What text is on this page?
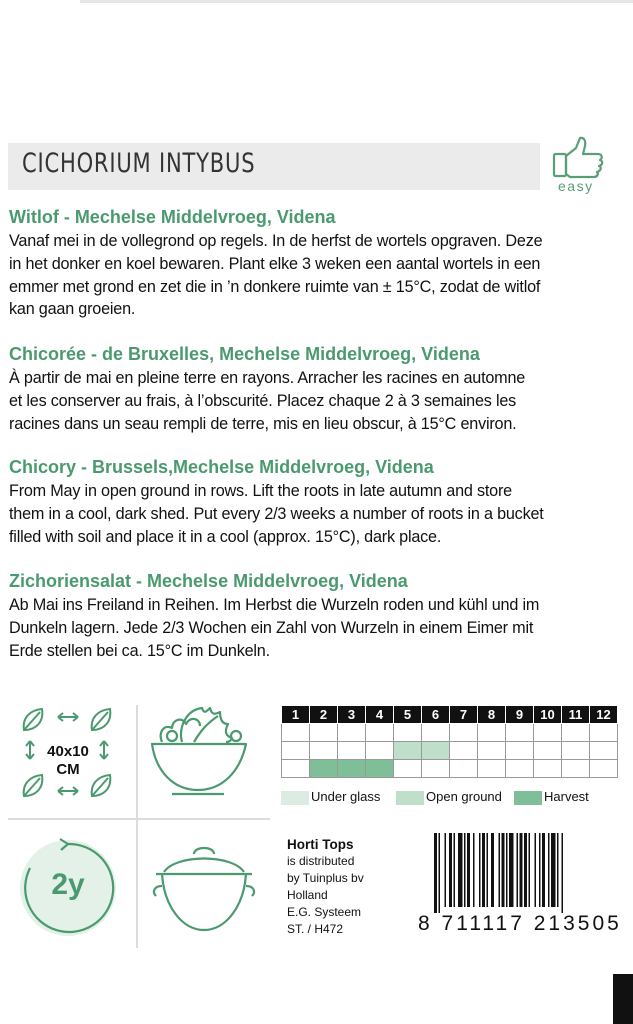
CICHORIUM INTYBUS
easy
Witlof - Mechelse Middelvroeg, Videna

Vanaf mei in de vollegrond op regels. In de herfst de wortels opgraven. Deze
in het donker en koel bewaren. Plant elke 3 weken een aantal wortels in een
emmer met grond en zet die in ’n donkere ruimte van ± 15°C, zodat de witlof
kan gaan groeien.

Chicorée - de Bruxelles, Mechelse Middelvroeg, Videna

À partir de mai en pleine terre en rayons. Arracher les racines en automne
et les conserver au frais, à l’obscurité. Placez chaque 2 à 3 semaines les
racines dans un seau rempli de terre, mis en lieu obscur, à 15°C environ.

Chicory - Brussels,Mechelse Middelvroeg, Videna

From May in open ground in rows. Lift the roots in late autumn and store
them in a cool, dark shed. Put every 2/3 weeks a number of roots in a bucket
filled with soil and place it in a cool (approx. 15°C), dark place.

Zichoriensalat - Mechelse Middelvroeg, Videna

Ab Mai ins Freiland in Reihen. Im Herbst die Wurzeln roden und kühl und im
Dunkeln lagern. Jede 2/3 Wochen ein Zahl von Wurzeln in einem Eimer mit
Erde stellen bei ca. 15°C im Dunkeln.

40x10
CM
2y
1	2	3	4	5	6	7	8	9	10	11	12

Under glass	Open ground	Harvest
Horti Tops
is distributed
by Tuinplus bv
Holland
E.G. Systeem
ST. / H472	8 711117 213505
